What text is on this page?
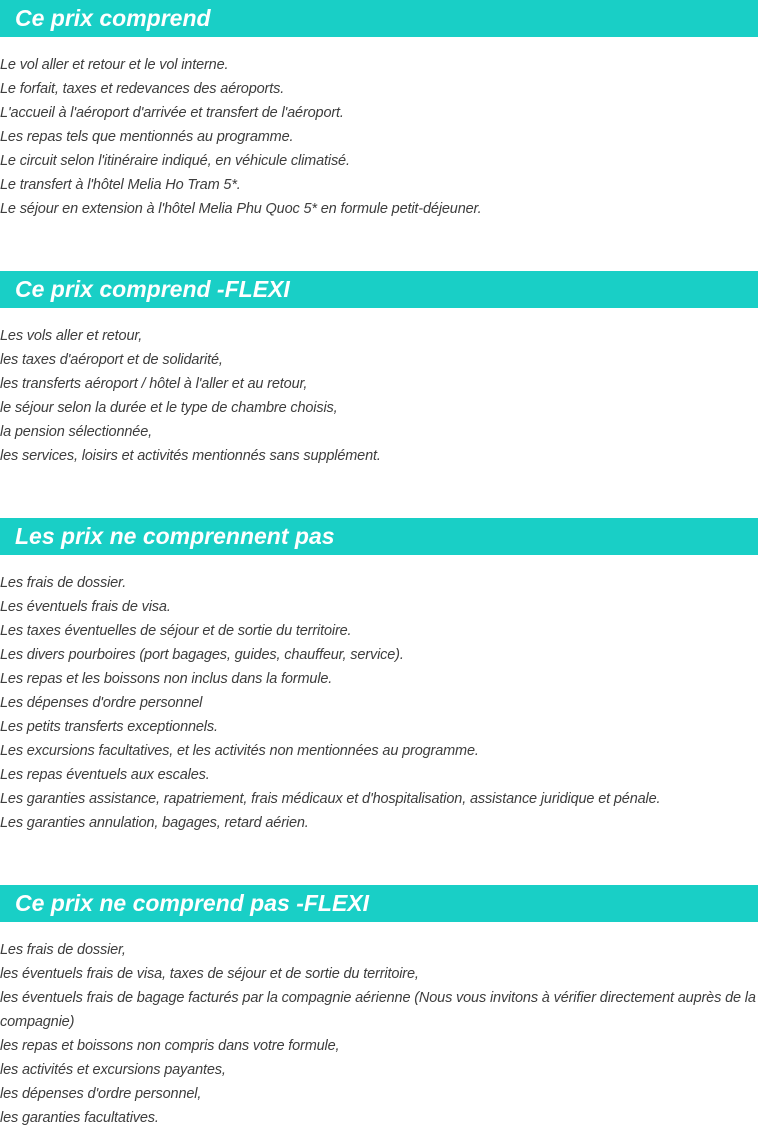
Ce prix comprend
Le vol aller et retour et le vol interne.
Le forfait, taxes et redevances des aéroports.
L'accueil à l'aéroport d'arrivée et transfert de l'aéroport.
Les repas tels que mentionnés au programme.
Le circuit selon l'itinéraire indiqué, en véhicule climatisé.
Le transfert à l'hôtel Melia Ho Tram 5*.
Le séjour en extension à l'hôtel Melia Phu Quoc 5* en formule petit-déjeuner.
Ce prix comprend -FLEXI
Les vols aller et retour,
les taxes d'aéroport et de solidarité,
les transferts aéroport / hôtel à l'aller et au retour,
le séjour selon la durée et le type de chambre choisis,
la pension sélectionnée,
les services, loisirs et activités mentionnés sans supplément.
Les prix ne comprennent pas
Les frais de dossier.
Les éventuels frais de visa.
Les taxes éventuelles de séjour et de sortie du territoire.
Les divers pourboires (port bagages, guides, chauffeur, service).
Les repas et les boissons non inclus dans la formule.
Les dépenses d'ordre personnel
Les petits transferts exceptionnels.
Les excursions facultatives, et les activités non mentionnées au programme.
Les repas éventuels aux escales.
Les garanties assistance, rapatriement, frais médicaux et d'hospitalisation, assistance juridique et pénale.
Les garanties annulation, bagages, retard aérien.
Ce prix ne comprend pas -FLEXI
Les frais de dossier,
les éventuels frais de visa, taxes de séjour et de sortie du territoire,
les éventuels frais de bagage facturés par la compagnie aérienne (Nous vous invitons à vérifier directement auprès de la compagnie)
les repas et boissons non compris dans votre formule,
les activités et excursions payantes,
les dépenses d'ordre personnel,
les garanties facultatives.
